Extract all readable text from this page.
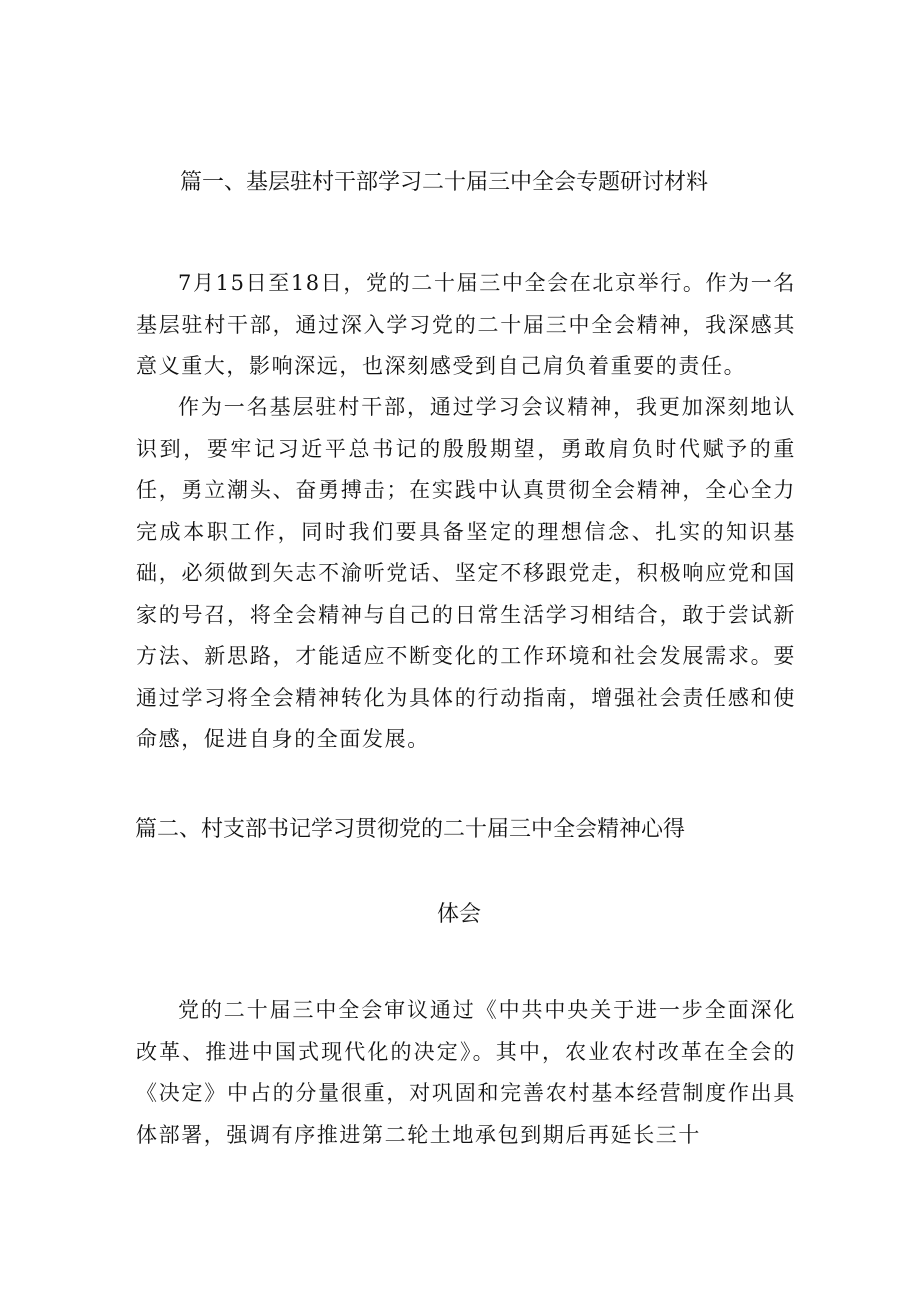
篇一、基层驻村干部学习二十届三中全会专题研讨材料

7月15日至18日，党的二十届三中全会在北京举行。作为一名基层驻村干部，通过深入学习党的二十届三中全会精神，我深感其意义重大，影响深远，也深刻感受到自己肩负着重要的责任。

作为一名基层驻村干部，通过学习会议精神，我更加深刻地认识到，要牢记习近平总书记的殷殷期望，勇敢肩负时代赋予的重任，勇立潮头、奋勇搏击；在实践中认真贯彻全会精神，全心全力完成本职工作，同时我们要具备坚定的理想信念、扎实的知识基础，必须做到矢志不渝听党话、坚定不移跟党走，积极响应党和国家的号召，将全会精神与自己的日常生活学习相结合，敢于尝试新方法、新思路，才能适应不断变化的工作环境和社会发展需求。要通过学习将全会精神转化为具体的行动指南，增强社会责任感和使命感，促进自身的全面发展。

篇二、村支部书记学习贯彻党的二十届三中全会精神心得
体会

党的二十届三中全会审议通过《中共中央关于进一步全面深化改革、推进中国式现代化的决定》。其中，农业农村改革在全会的《决定》中占的分量很重，对巩固和完善农村基本经营制度作出具体部署，强调有序推进第二轮土地承包到期后再延长三十
